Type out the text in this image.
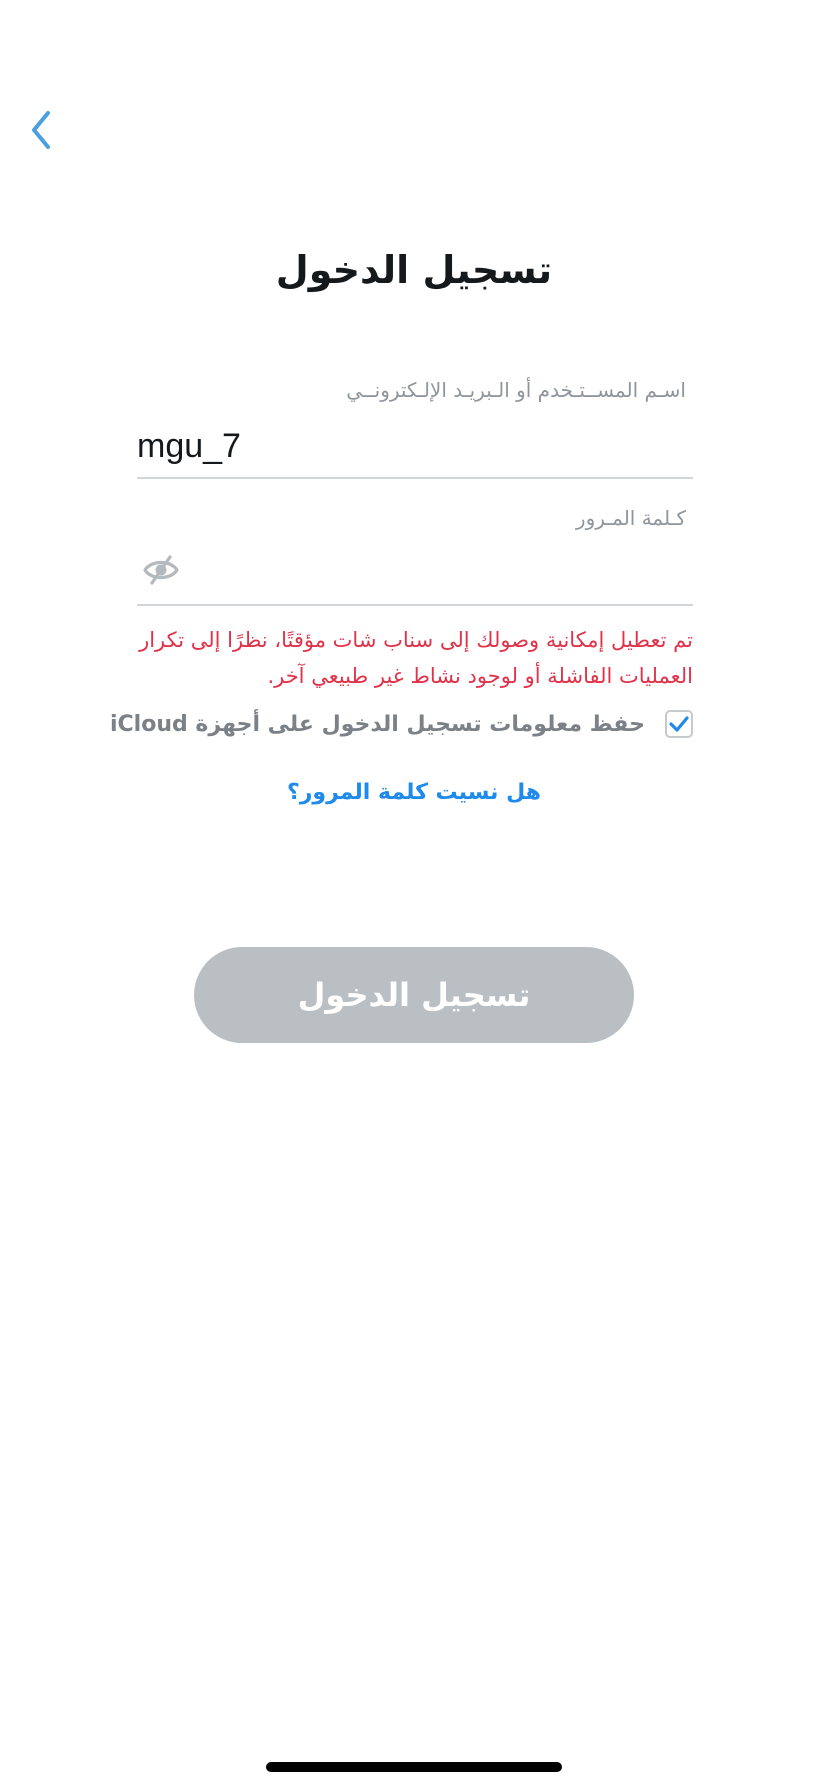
تسجيل الدخول
اسـم المســتـخدم أو الـبريـد الإلـكترونــي
mgu_7
كـلمة المـرور
تم تعطيل إمكانية وصولك إلى سناب شات مؤقتًا، نظرًا إلى تكرار العمليات الفاشلة أو لوجود نشاط غير طبيعي آخر.
حفظ معلومات تسجيل الدخول على أجهزة iCloud
هل نسيت كلمة المرور؟
تسجيل الدخول
